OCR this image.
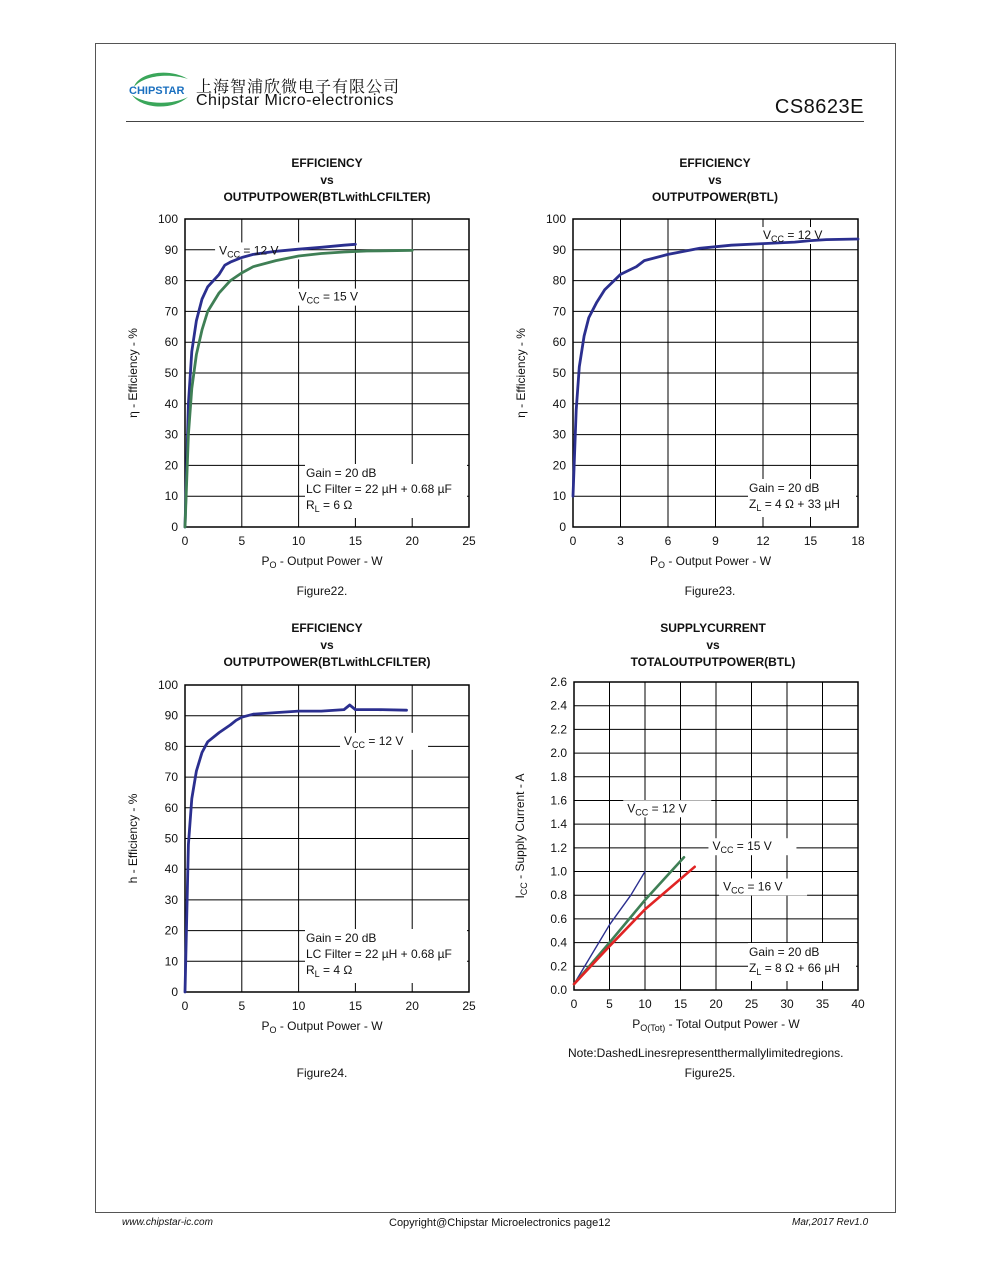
CHIPSTAR 上海智浦欣微电子有限公司
Chipstar Micro-electronics	CS8623E
EFFICIENCY
vs
OUTPUTPOWER(BTLwithLCFILTER)
EFFICIENCY
vs
OUTPUTPOWER(BTL)
EFFICIENCY
vs
OUTPUTPOWER(BTLwithLCFILTER)
SUPPLYCURRENT
vs
TOTALOUTPUTPOWER(BTL)
0	5	10	15	20	25
0
10
20
30
40
50
60
70
80
90
100
$P_O$ - Output Power - W
η - Efficiency - %
Gain = 20 dB
LC Filter = 22 µH + 0.68 µF
$R_L = 6$ Ω
$V_{CC} = 12$ V
$V_{CC} = 15$ V
0	3	6	9	12	15	18
0
10
20
30
40
50
60
70
80
90
100
$P_O$ - Output Power - W
η - Efficiency - %
Gain = 20 dB
$Z_L = 4$ Ω + 33 µH
$V_{CC} = 12$ V
0	5	10	15	20	25
0
10
20
30
40
50
60
70
80
90
100
$P_O$ - Output Power - W
h - Efficiency - %
Gain = 20 dB
LC Filter = 22 µH + 0.68 µF
$R_L = 4$ Ω
$V_{CC} = 12$ V
0 5 10 15 20 25 30 35 40
0.0
0.2
0.4
0.6
0.8
1.0
1.2
1.4
1.6
1.8
2.0
2.2
2.4
2.6
$P_{O(Tot)}$ - Total Output Power - W
$I_{CC}$ - Supply Current - A
Gain = 20 dB
$Z_L = 8$ Ω + 66 µH
$V_{CC} = 12$ V
$V_{CC} = 15$ V
$V_{CC} = 16$ V
Figure22.	Figure23.
Figure24.
Note:DashedLinesrepresentthermallylimitedregions.
Figure25.
www.chipstar-ic.com	Copyright@Chipstar Microelectronics page12	Mar,2017 Rev1.0
